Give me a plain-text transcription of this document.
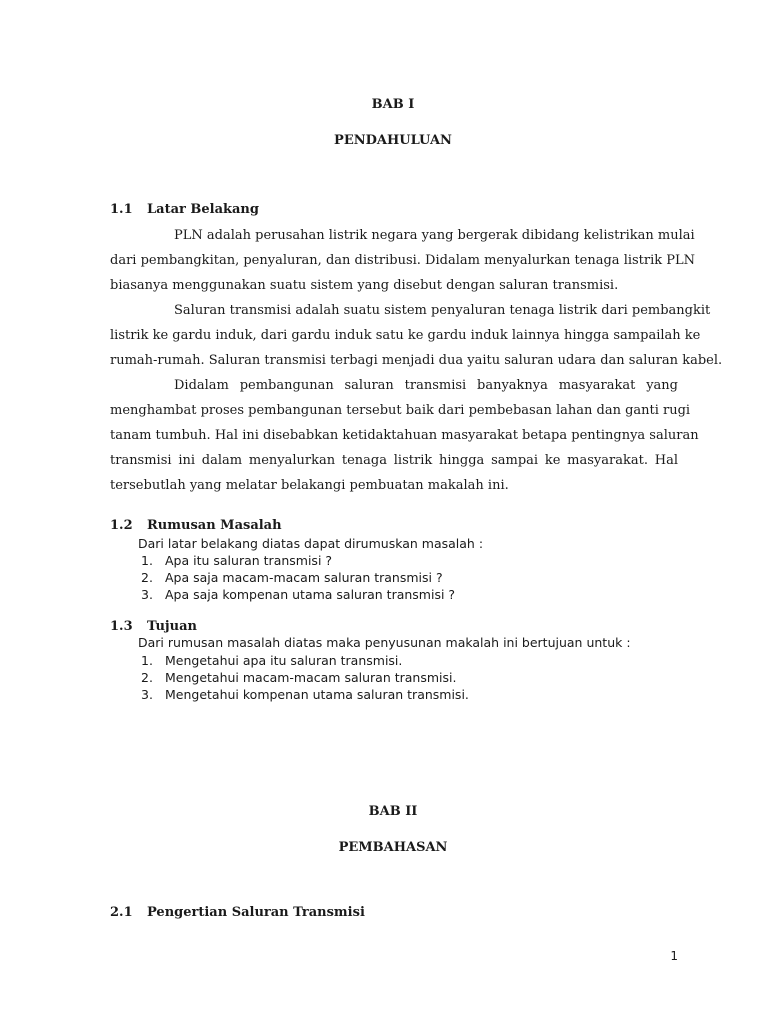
BAB I
PENDAHULUAN
1.1 Latar Belakang
PLN adalah perusahan listrik negara yang bergerak dibidang kelistrikan mulai
dari pembangkitan, penyaluran, dan distribusi. Didalam menyalurkan tenaga listrik PLN
biasanya menggunakan suatu sistem yang disebut dengan saluran transmisi.
Saluran transmisi adalah suatu sistem penyaluran tenaga listrik dari pembangkit
listrik ke gardu induk, dari gardu induk satu ke gardu induk lainnya hingga sampailah ke
rumah-rumah. Saluran transmisi terbagi menjadi dua yaitu saluran udara dan saluran kabel.
Didalam pembangunan saluran transmisi banyaknya masyarakat yang
menghambat proses pembangunan tersebut baik dari pembebasan lahan dan ganti rugi
tanam tumbuh. Hal ini disebabkan ketidaktahuan masyarakat betapa pentingnya saluran
transmisi ini dalam menyalurkan tenaga listrik hingga sampai ke masyarakat. Hal
tersebutlah yang melatar belakangi pembuatan makalah ini.
1.2 Rumusan Masalah
Dari latar belakang diatas dapat dirumuskan masalah :
1. Apa itu saluran transmisi ?
2. Apa saja macam-macam saluran transmisi ?
3. Apa saja kompenan utama saluran transmisi ?
1.3 Tujuan
Dari rumusan masalah diatas maka penyusunan makalah ini bertujuan untuk :
1. Mengetahui apa itu saluran transmisi.
2. Mengetahui macam-macam saluran transmisi.
3. Mengetahui kompenan utama saluran transmisi.
BAB II
PEMBAHASAN
2.1 Pengertian Saluran Transmisi
1
